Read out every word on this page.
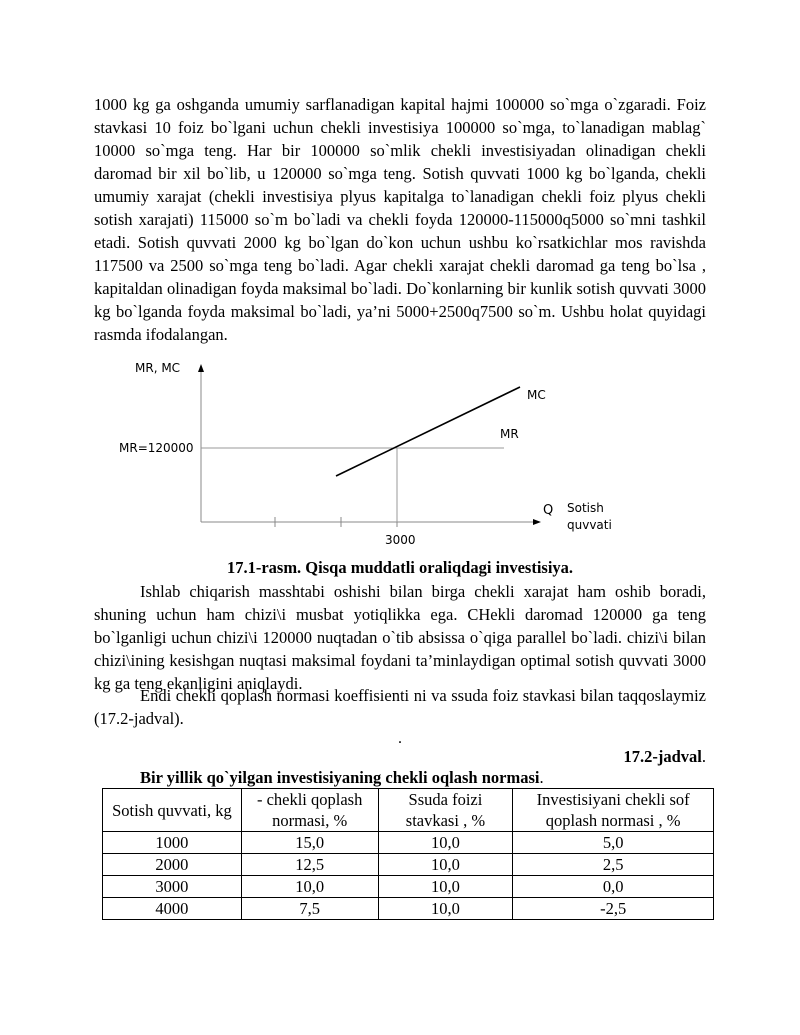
1000 kg ga oshganda umumiy sarflanadigan kapital hajmi 100000 so`mga o`zgaradi. Foiz stavkasi 10 foiz bo`lgani uchun chekli investisiya 100000 so`mga, to`lanadigan mablag` 10000 so`mga teng. Har bir 100000 so`mlik chekli investisiyadan olinadigan chekli daromad bir xil bo`lib, u 120000 so`mga teng. Sotish quvvati 1000 kg bo`lganda, chekli umumiy xarajat (chekli investisiya plyus kapitalga to`lanadigan chekli foiz plyus chekli sotish xarajati) 115000 so`m bo`ladi va chekli foyda 120000-115000q5000 so`mni tashkil etadi. Sotish quvvati 2000 kg bo`lgan do`kon uchun ushbu ko`rsatkichlar mos ravishda 117500 va 2500 so`mga teng bo`ladi. Agar chekli xarajat chekli daromad ga teng bo`lsa , kapitaldan olinadigan foyda maksimal bo`ladi. Do`konlarning bir kunlik sotish quvvati 3000 kg bo`lganda foyda maksimal bo`ladi, ya’ni 5000+2500q7500 so`m. Ushbu holat quyidagi rasmda ifodalangan.

MR, MC
MR=120000
MC
MR
Q Sotish
quvvati
3000
17.1-rasm. Qisqa muddatli oraliqdagi investisiya.

Ishlab chiqarish masshtabi oshishi bilan birga chekli xarajat ham oshib boradi, shuning uchun ham chizi\i musbat yotiqlikka ega. CHekli daromad 120000 ga teng bo`lganligi uchun chizi\i 120000 nuqtadan o`tib absissa o`qiga parallel bo`ladi. chizi\i bilan chizi\ining kesishgan nuqtasi maksimal foydani ta’minlaydigan optimal sotish quvvati 3000 kg ga teng ekanligini aniqlaydi.

Endi chekli qoplash normasi koeffisienti ni va ssuda foiz stavkasi bilan taqqoslaymiz (17.2-jadval).

.
17.2-jadval.
Bir yillik qo`yilgan investisiyaning chekli oqlash normasi.
Sotish quvvati, kg	- chekli qoplash normasi, %	Ssuda foizi stavkasi , %	Investisiyani chekli sof qoplash normasi , %
1000	15,0	10,0	5,0
2000	12,5	10,0	2,5
3000	10,0	10,0	0,0
4000	7,5	10,0	-2,5
